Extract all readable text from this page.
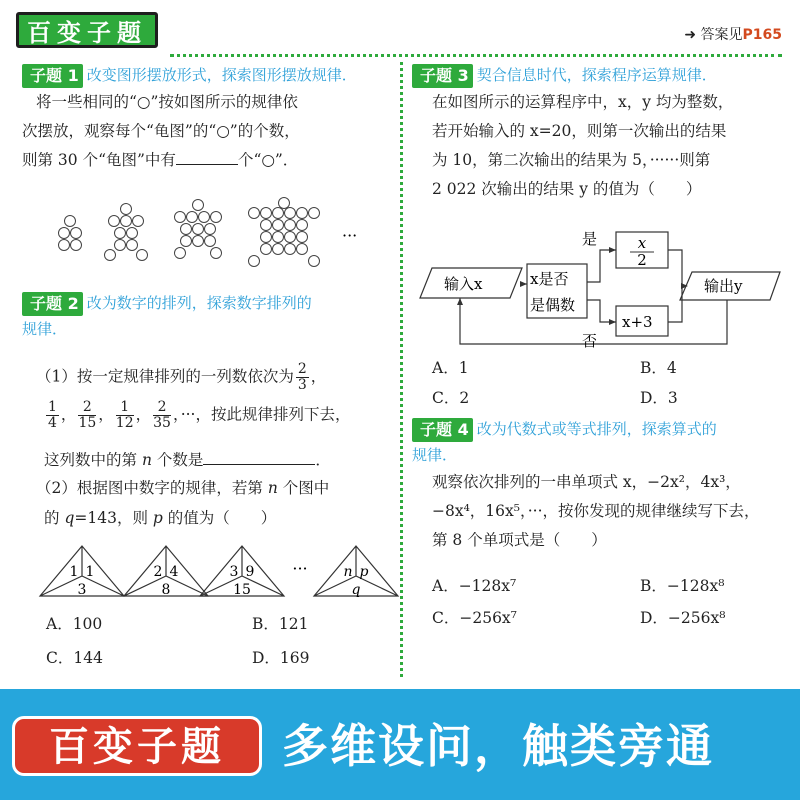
百变子题	➜ 答案见P165
子题 1 改变图形摆放形式，探索图形摆放规律．
将一些相同的“○”按如图所示的规律依
次摆放，观察每个“龟图”的“○”的个数，
则第 30 个“龟图”中有	个“○”．
···
子题 2 改为数字的排列，探索数字排列的
规律．
（1）按一定规律排列的一列数依次为 $\frac{2}{3}$ ，
$\frac{1}{4}$ ， $\frac{2}{15}$ ， $\frac{1}{12}$ ， $\frac{2}{35}$ ，···，按此规律排列下去，
这列数中的第 n 个数是	．
（2）根据图中数字的规律，若第 n 个图中
的 q=143，则 p 的值为（　　）
1 1
3
2 4
8
3 9
15
n p
q
···
A．100	B．121
C．144	D．169
子题 3 契合信息时代，探索程序运算规律．
在如图所示的运算程序中，x，y 均为整数，
若开始输入的 x=20，则第一次输出的结果
为 10，第二次输出的结果为 5，······则第
2 022 次输出的结果 y 的值为（　　）
输入x	x是否
是偶数
是
否
x
2
x+3
输出y
A．1	B．4
C．2	D．3
子题 4 改为代数式或等式排列，探索算式的
规律．
观察依次排列的一串单项式 x，−2x²，4x³，
−8x⁴，16x⁵，···，按你发现的规律继续写下去，
第 8 个单项式是（　　）
A．−128x⁷	B．−128x⁸
C．−256x⁷	D．−256x⁸
百变子题	多维设问，触类旁通
